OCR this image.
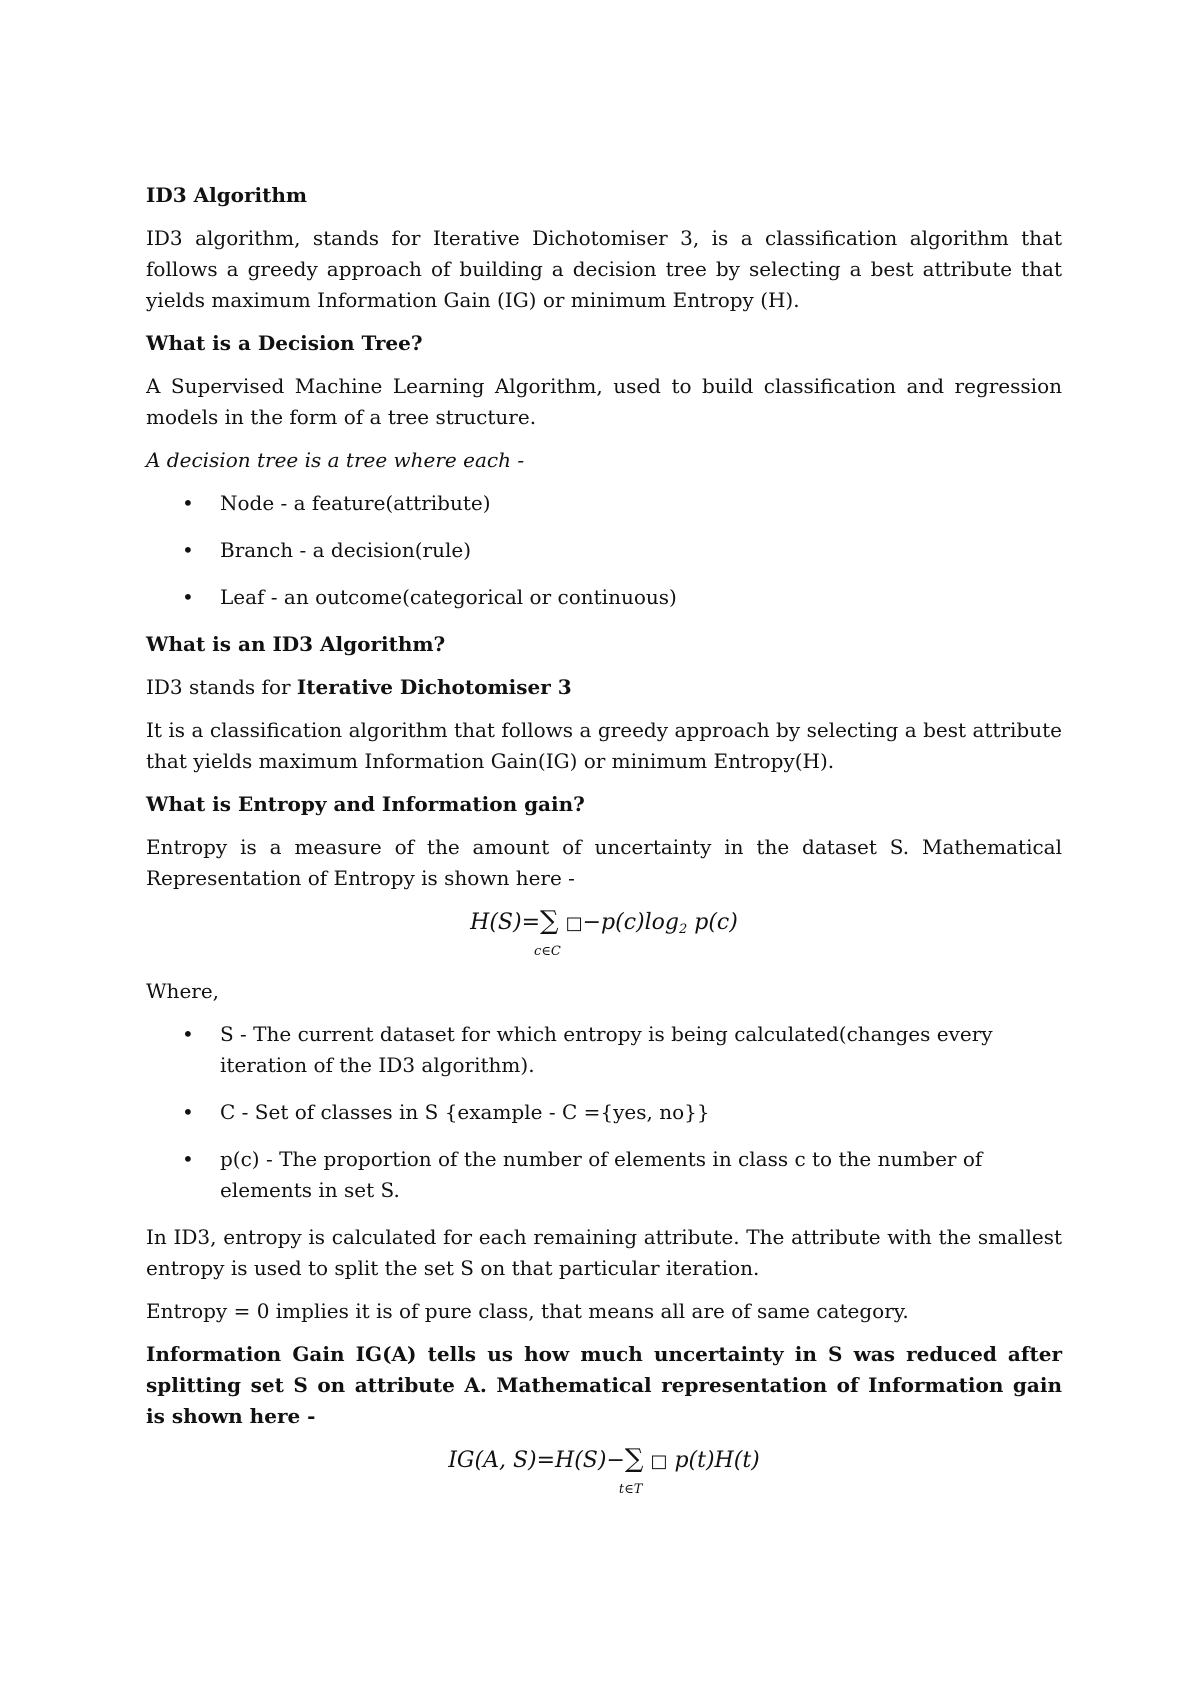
ID3 Algorithm

ID3 algorithm, stands for Iterative Dichotomiser 3, is a classification algorithm that follows a greedy approach of building a decision tree by selecting a best attribute that yields maximum Information Gain (IG) or minimum Entropy (H).

What is a Decision Tree?

A Supervised Machine Learning Algorithm, used to build classification and regression models in the form of a tree structure.

A decision tree is a tree where each -

• Node - a feature(attribute)
• Branch - a decision(rule)
• Leaf - an outcome(categorical or continuous)

What is an ID3 Algorithm?

ID3 stands for Iterative Dichotomiser 3

It is a classification algorithm that follows a greedy approach by selecting a best attribute that yields maximum Information Gain(IG) or minimum Entropy(H).

What is Entropy and Information gain?

Entropy is a measure of the amount of uncertainty in the dataset S. Mathematical Representation of Entropy is shown here -

H(S)=∑
c∈C
□−p(c)log2 p(c)

Where,

• S - The current dataset for which entropy is being calculated(changes every iteration of the ID3 algorithm).
• C - Set of classes in S {example - C ={yes, no}}
• p(c) - The proportion of the number of elements in class c to the number of elements in set S.

In ID3, entropy is calculated for each remaining attribute. The attribute with the smallest entropy is used to split the set S on that particular iteration.

Entropy = 0 implies it is of pure class, that means all are of same category.

Information Gain IG(A) tells us how much uncertainty in S was reduced after splitting set S on attribute A. Mathematical representation of Information gain is shown here -

IG(A, S)=H(S)−∑
t∈T
□ p(t)H(t)
